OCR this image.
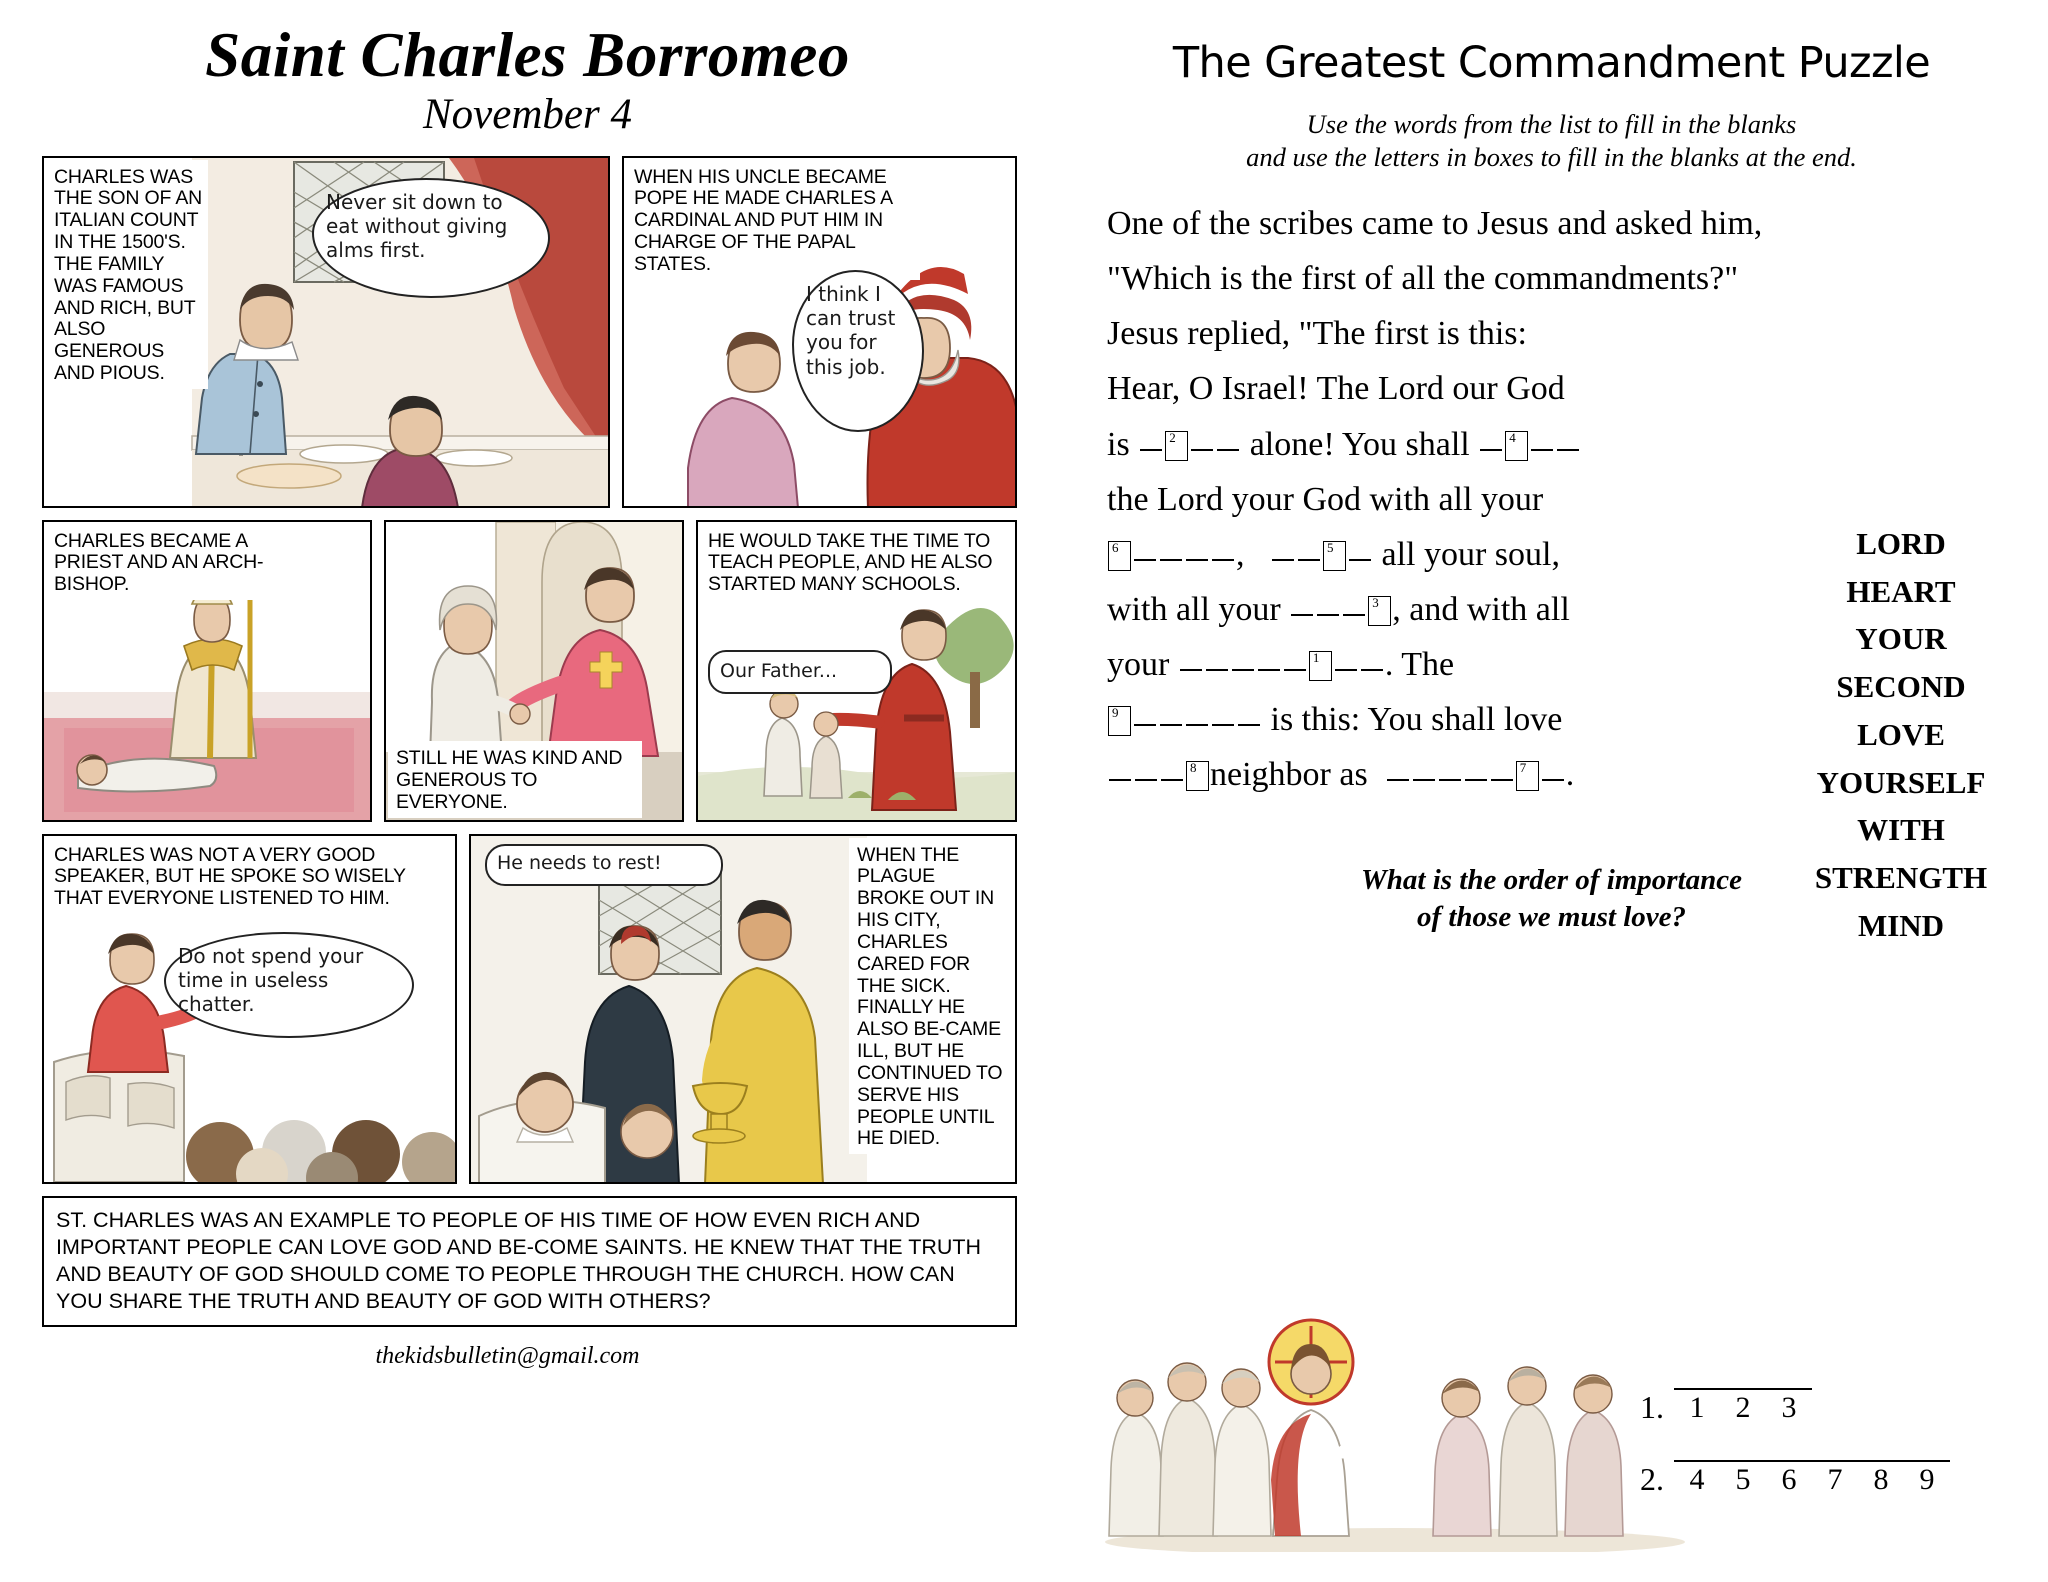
Saint Charles Borromeo
November 4
CHARLES WAS THE SON OF AN ITALIAN COUNT IN THE 1500'S. THE FAMILY WAS FAMOUS AND RICH, BUT ALSO GENEROUS AND PIOUS.
Never sit down to eat without giving alms first.
WHEN HIS UNCLE BECAME POPE HE MADE CHARLES A CARDINAL AND PUT HIM IN CHARGE OF THE PAPAL STATES.
I think I can trust you for this job.
CHARLES BECAME A PRIEST AND AN ARCH-BISHOP.
STILL HE WAS KIND AND GENEROUS TO EVERYONE.
HE WOULD TAKE THE TIME TO TEACH PEOPLE, AND HE ALSO STARTED MANY SCHOOLS.
Our Father...
CHARLES WAS NOT A VERY GOOD SPEAKER, BUT HE SPOKE SO WISELY THAT EVERYONE LISTENED TO HIM.
Do not spend your time in useless chatter.
WHEN THE PLAGUE BROKE OUT IN HIS CITY, CHARLES CARED FOR THE SICK. FINALLY HE ALSO BE-CAME ILL, BUT HE CONTINUED TO SERVE HIS PEOPLE UNTIL HE DIED.
He needs to rest!
ST. CHARLES WAS AN EXAMPLE TO PEOPLE OF HIS TIME OF HOW EVEN RICH AND IMPORTANT PEOPLE CAN LOVE GOD AND BE-COME SAINTS. HE KNEW THAT THE TRUTH AND BEAUTY OF GOD SHOULD COME TO PEOPLE THROUGH THE CHURCH. HOW CAN YOU SHARE THE TRUTH AND BEAUTY OF GOD WITH OTHERS?
thekidsbulletin@gmail.com
The Greatest Commandment Puzzle
Use the words from the list to fill in the blanks
and use the letters in boxes to fill in the blanks at the end.
One of the scribes came to Jesus and asked him,
"Which is the first of all the commandments?"
Jesus replied, "The first is this:
Hear, O Israel! The Lord our God
is	2 alone! You shall	4
the Lord your God with all your
6	,	5 all your soul,
with all your	3 , and with all
your	1 . The
9	is this: You shall love
8 neighbor as	7 .
LORD
HEART
YOUR
SECOND
LOVE
YOURSELF
WITH
STRENGTH
MIND
What is the order of importance
of those we must love?
1. 1	2	3
2. 4	5	6	7	8	9
